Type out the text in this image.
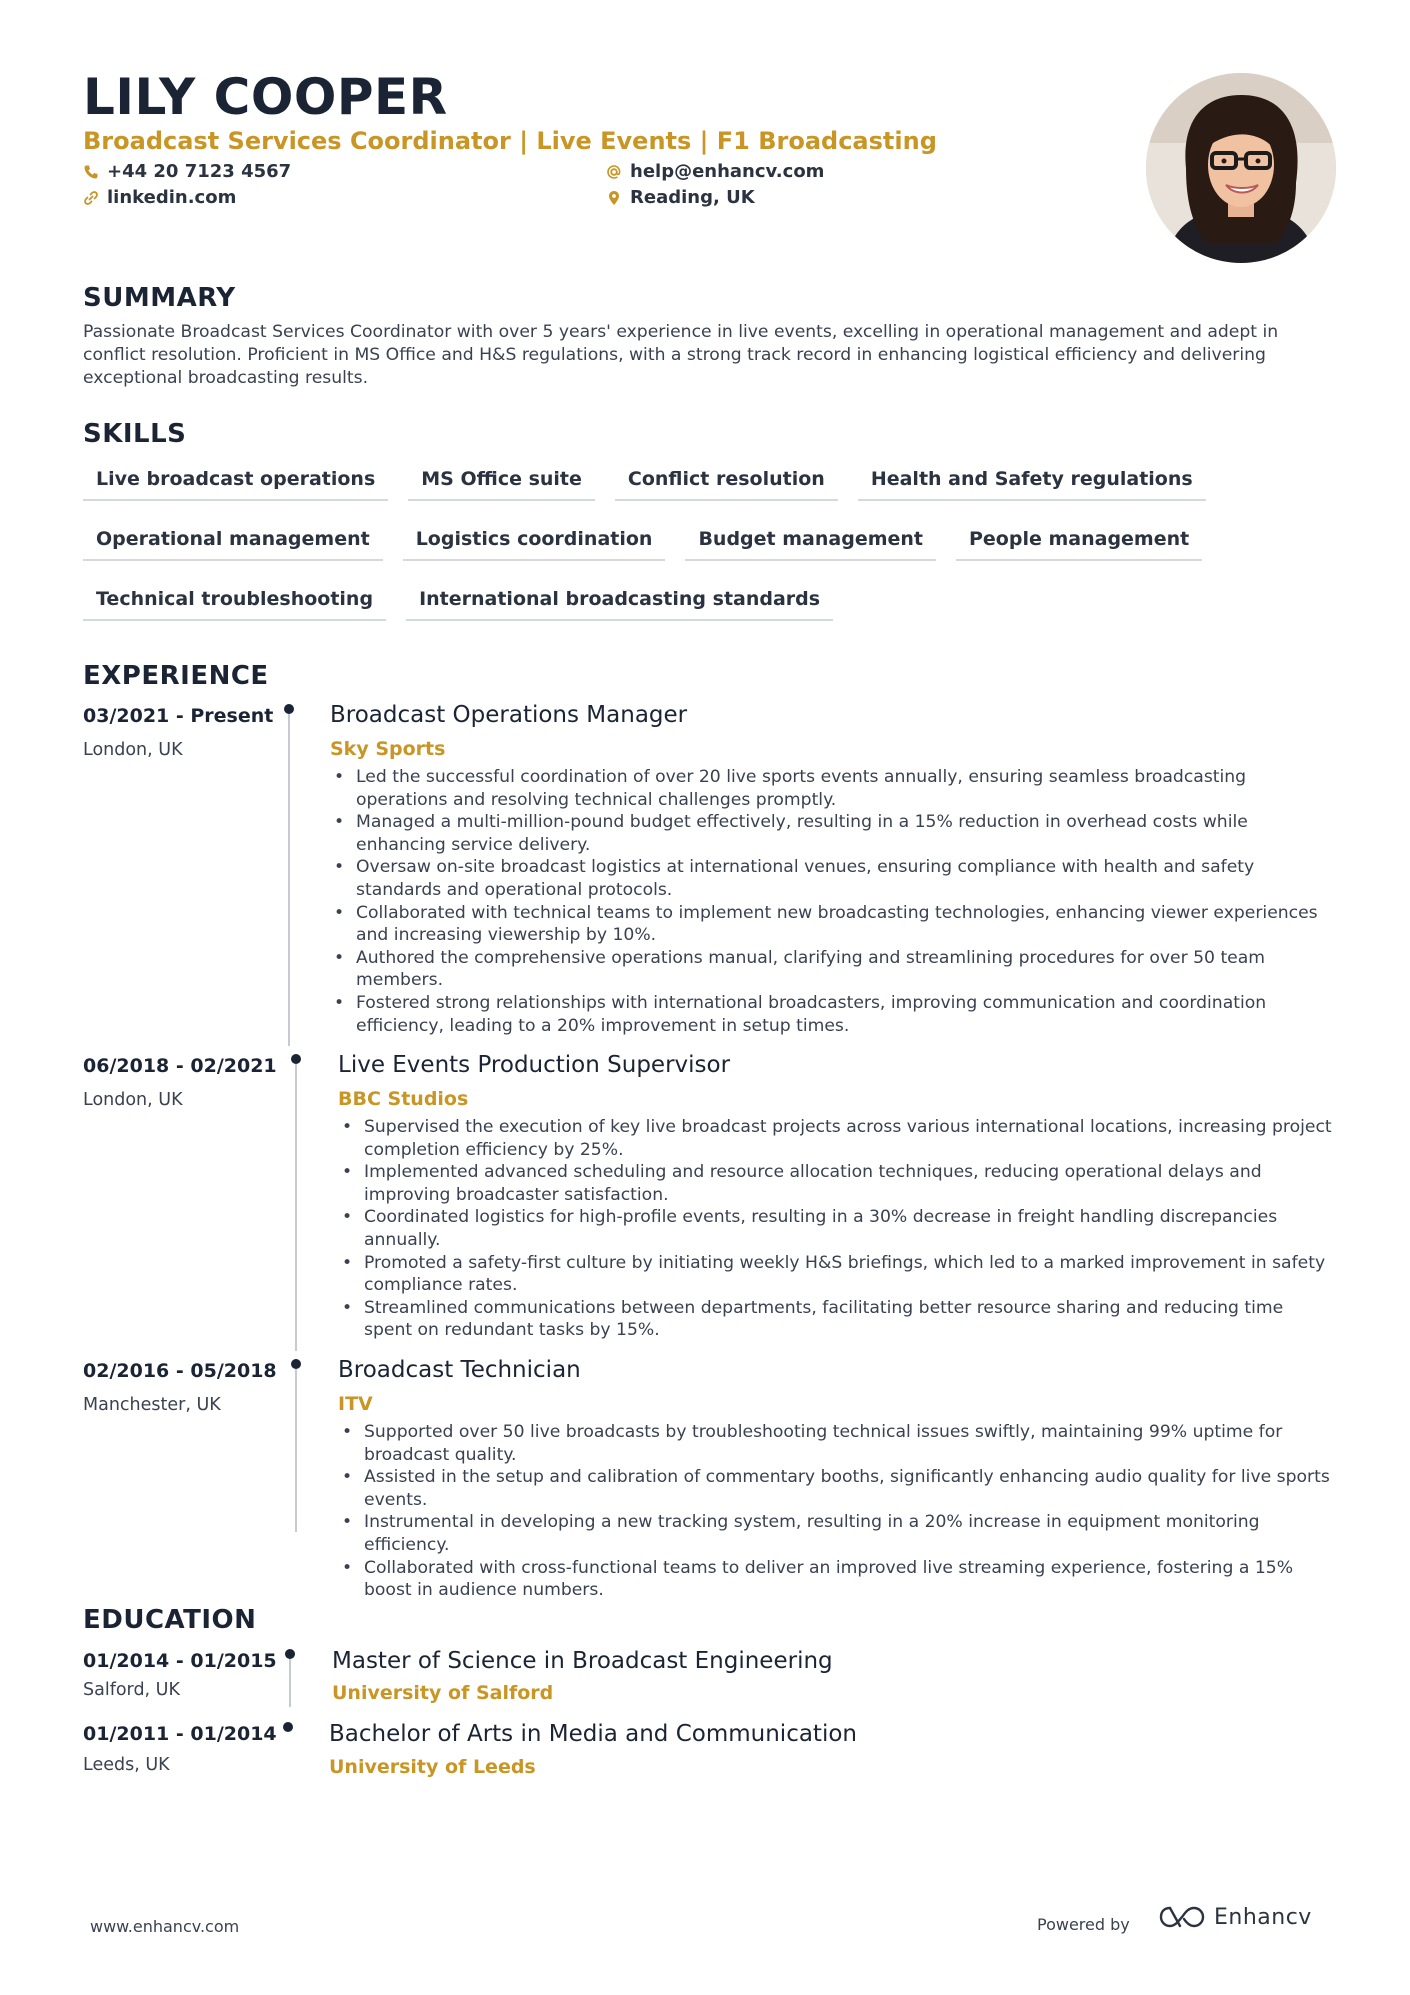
LILY COOPER
Broadcast Services Coordinator | Live Events | F1 Broadcasting
+44 20 7123 4567	help@enhancv.com
linkedin.com	Reading, UK
SUMMARY
Passionate Broadcast Services Coordinator with over 5 years' experience in live events, excelling in operational management and adept in conflict resolution. Proficient in MS Office and H&S regulations, with a strong track record in enhancing logistical efficiency and delivering exceptional broadcasting results.
SKILLS
Live broadcast operations	MS Office suite	Conflict resolution	Health and Safety regulations
Operational management	Logistics coordination	Budget management	People management
Technical troubleshooting	International broadcasting standards
EXPERIENCE
03/2021 - Present
London, UK
Broadcast Operations Manager
Sky Sports
• Led the successful coordination of over 20 live sports events annually, ensuring seamless broadcasting operations and resolving technical challenges promptly.
• Managed a multi-million-pound budget effectively, resulting in a 15% reduction in overhead costs while enhancing service delivery.
• Oversaw on-site broadcast logistics at international venues, ensuring compliance with health and safety standards and operational protocols.
• Collaborated with technical teams to implement new broadcasting technologies, enhancing viewer experiences and increasing viewership by 10%.
• Authored the comprehensive operations manual, clarifying and streamlining procedures for over 50 team members.
• Fostered strong relationships with international broadcasters, improving communication and coordination efficiency, leading to a 20% improvement in setup times.
06/2018 - 02/2021
London, UK
Live Events Production Supervisor
BBC Studios
• Supervised the execution of key live broadcast projects across various international locations, increasing project completion efficiency by 25%.
• Implemented advanced scheduling and resource allocation techniques, reducing operational delays and improving broadcaster satisfaction.
• Coordinated logistics for high-profile events, resulting in a 30% decrease in freight handling discrepancies annually.
• Promoted a safety-first culture by initiating weekly H&S briefings, which led to a marked improvement in safety compliance rates.
• Streamlined communications between departments, facilitating better resource sharing and reducing time spent on redundant tasks by 15%.
02/2016 - 05/2018
Manchester, UK
Broadcast Technician
ITV
• Supported over 50 live broadcasts by troubleshooting technical issues swiftly, maintaining 99% uptime for broadcast quality.
• Assisted in the setup and calibration of commentary booths, significantly enhancing audio quality for live sports events.
• Instrumental in developing a new tracking system, resulting in a 20% increase in equipment monitoring efficiency.
• Collaborated with cross-functional teams to deliver an improved live streaming experience, fostering a 15% boost in audience numbers.
EDUCATION
01/2014 - 01/2015
Salford, UK
Master of Science in Broadcast Engineering
University of Salford
01/2011 - 01/2014
Leeds, UK
Bachelor of Arts in Media and Communication
University of Leeds
www.enhancv.com	Powered by	Enhancv
